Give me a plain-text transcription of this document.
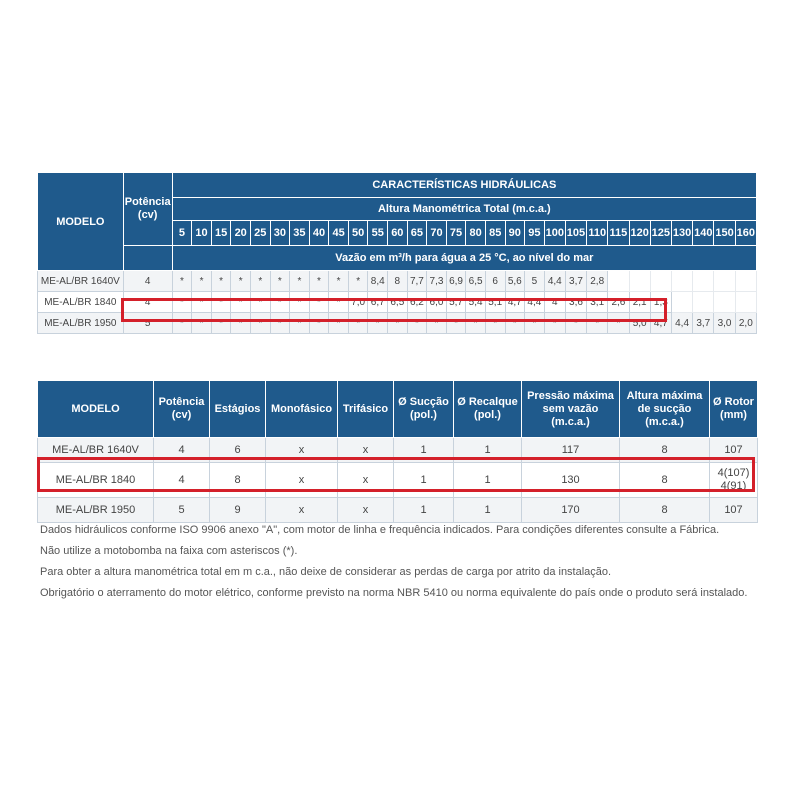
MODELO	Potência
(cv)	CARACTERÍSTICAS HIDRÁULICAS																												
		Altura Manométrica Total (m.c.a.)																												
		5	10	15	20	25	30	35	40	45	50	55	60	65	70	75	80	85	90	95	100	105	110	115	120	125	130	140	150	160
		Vazão em m³/h para água a 25 °C, ao nível do mar																												
ME-AL/BR 1640V	4	*	*	*	*	*	*	*	*	*	*	8,4	8	7,7	7,3	6,9	6,5	6	5,6	5	4,4	3,7	2,8							
ME-AL/BR 1840	4	*	*	*	*	*	*	*	*	*	7,0	6,7	6,5	6,2	6,0	5,7	5,4	5,1	4,7	4,4	4	3,6	3,1	2,6	2,1	1,3				
ME-AL/BR 1950	5	*	*	*	*	*	*	*	*	*	*	*	*	*	*	*	*	*	*	*	*	*	*	*	5,0	4,7	4,4	3,7	3,0	2,0
MODELO	Potência (cv)	Estágios	Monofásico	Trifásico	Ø Sucção (pol.)	Ø Recalque (pol.)	Pressão máxima sem vazão (m.c.a.)	Altura máxima de sucção (m.c.a.)	Ø Rotor (mm)
ME-AL/BR 1640V	4	6	x	x	1	1	117	8	107

ME-AL/BR 1840	4	8	x	x	1	1	130	8	4(107)
4(91)

ME-AL/BR 1950	5	9	x	x	1	1	170	8	107

Dados hidráulicos conforme ISO 9906 anexo "A", com motor de linha e frequência indicados. Para condições diferentes consulte a Fábrica.

Não utilize a motobomba na faixa com asteriscos (*).

Para obter a altura manométrica total em m c.a., não deixe de considerar as perdas de carga por atrito da instalação.

Obrigatório o aterramento do motor elétrico, conforme previsto na norma NBR 5410 ou norma equivalente do país onde o produto será instalado.
